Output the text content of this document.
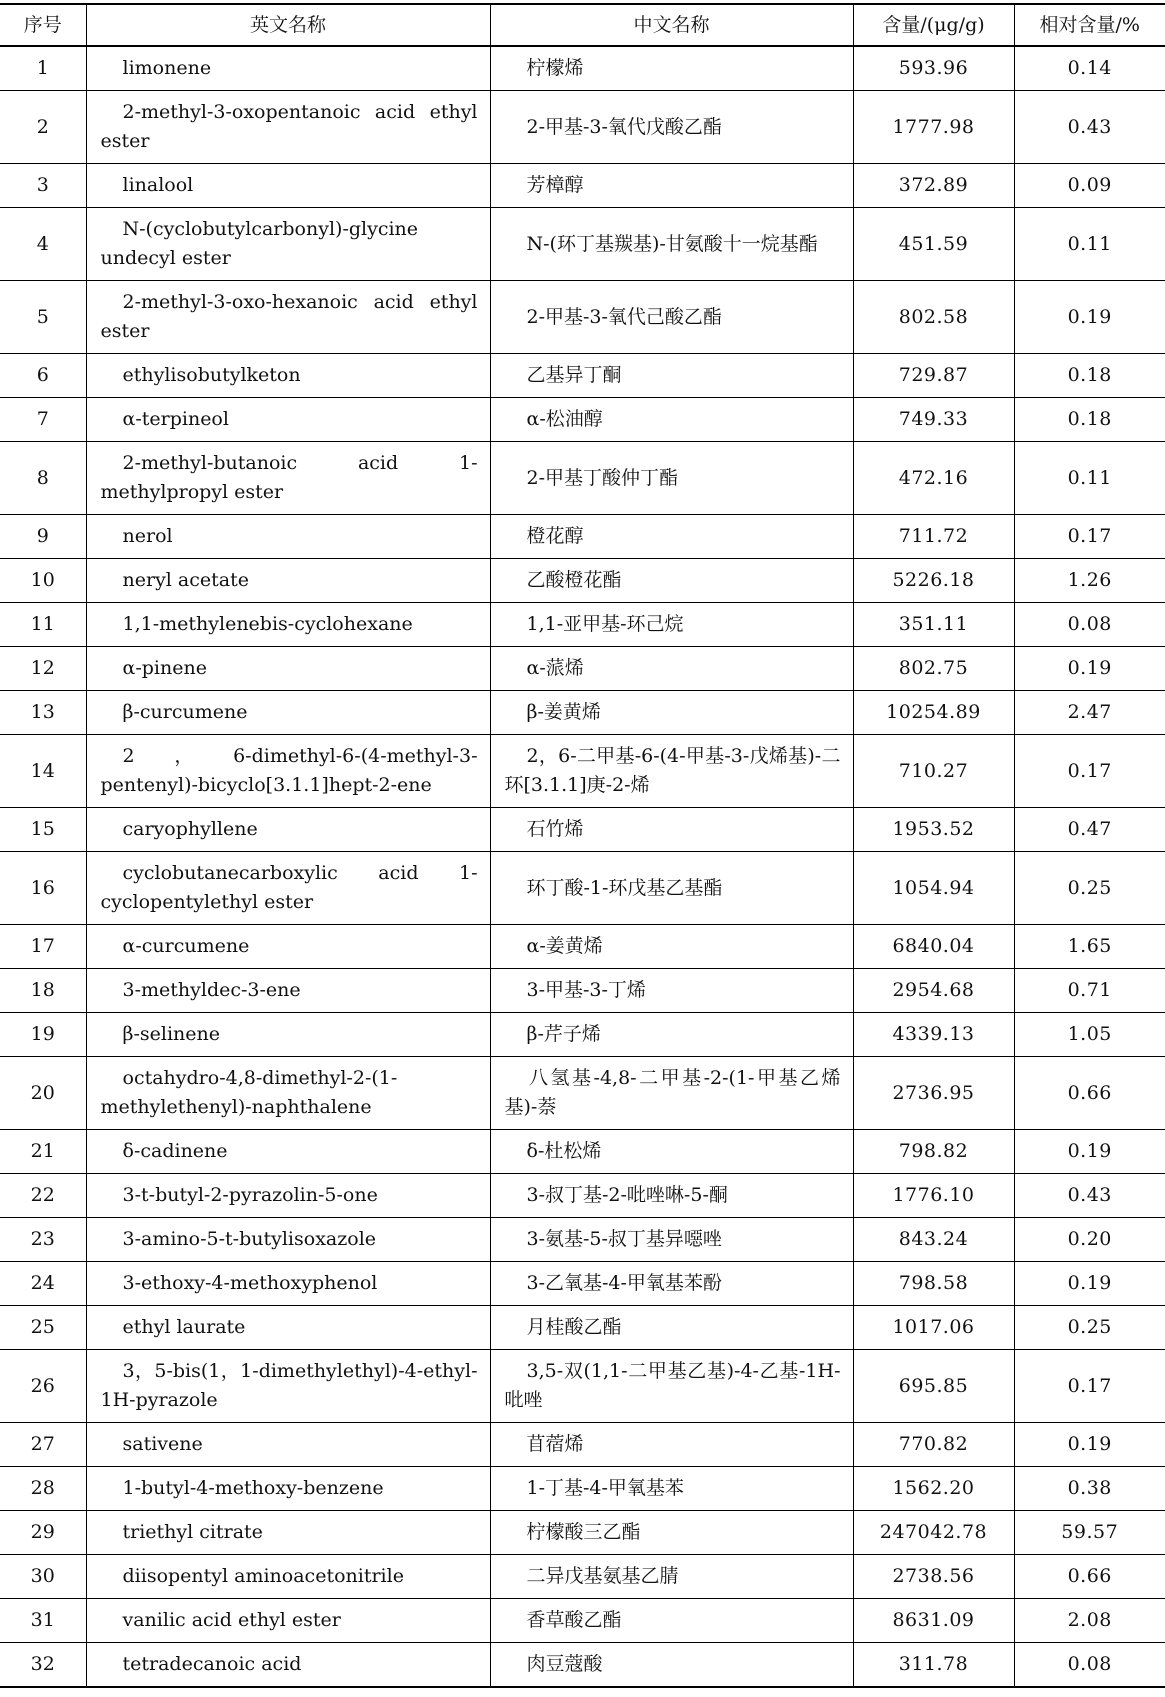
序号	英文名称	中文名称	含量/(μg/g)	相对含量/%
1	limonene	柠檬烯	593.96	0.14
2	2-methyl-3-oxopentanoic acid ethyl ester	2-甲基-3-氧代戊酸乙酯	1777.98	0.43
3	linalool	芳樟醇	372.89	0.09
4	N-(cyclobutylcarbonyl)-glycine undecyl ester	N-(环丁基羰基)-甘氨酸十一烷基酯	451.59	0.11
5	2-methyl-3-oxo-hexanoic acid ethyl ester	2-甲基-3-氧代己酸乙酯	802.58	0.19
6	ethylisobutylketon	乙基异丁酮	729.87	0.18
7	α-terpineol	α-松油醇	749.33	0.18
8	2-methyl-butanoic acid 1-methylpropyl ester	2-甲基丁酸仲丁酯	472.16	0.11
9	nerol	橙花醇	711.72	0.17
10	neryl acetate	乙酸橙花酯	5226.18	1.26
11	1,1-methylenebis-cyclohexane	1,1-亚甲基-环己烷	351.11	0.08
12	α-pinene	α-蒎烯	802.75	0.19
13	β-curcumene	β-姜黄烯	10254.89	2.47
14	2，6-dimethyl-6-(4-methyl-3-pentenyl)-bicyclo[3.1.1]hept-2-ene	2，6-二甲基-6-(4-甲基-3-戊烯基)-二环[3.1.1]庚-2-烯	710.27	0.17
15	caryophyllene	石竹烯	1953.52	0.47
16	cyclobutanecarboxylic acid 1-cyclopentylethyl ester	环丁酸-1-环戊基乙基酯	1054.94	0.25
17	α-curcumene	α-姜黄烯	6840.04	1.65
18	3-methyldec-3-ene	3-甲基-3-丁烯	2954.68	0.71
19	β-selinene	β-芹子烯	4339.13	1.05
20	octahydro-4,8-dimethyl-2-(1-methylethenyl)-naphthalene	八氢基-4,8-二甲基-2-(1-甲基乙烯基)-萘	2736.95	0.66
21	δ-cadinene	δ-杜松烯	798.82	0.19
22	3-t-butyl-2-pyrazolin-5-one	3-叔丁基-2-吡唑啉-5-酮	1776.10	0.43
23	3-amino-5-t-butylisoxazole	3-氨基-5-叔丁基异噁唑	843.24	0.20
24	3-ethoxy-4-methoxyphenol	3-乙氧基-4-甲氧基苯酚	798.58	0.19
25	ethyl laurate	月桂酸乙酯	1017.06	0.25
26	3，5-bis(1，1-dimethylethyl)-4-ethyl-1H-pyrazole	3,5-双(1,1-二甲基乙基)-4-乙基-1H-吡唑	695.85	0.17
27	sativene	苜蓿烯	770.82	0.19
28	1-butyl-4-methoxy-benzene	1-丁基-4-甲氧基苯	1562.20	0.38
29	triethyl citrate	柠檬酸三乙酯	247042.78	59.57
30	diisopentyl aminoacetonitrile	二异戊基氨基乙腈	2738.56	0.66
31	vanilic acid ethyl ester	香草酸乙酯	8631.09	2.08
32	tetradecanoic acid	肉豆蔻酸	311.78	0.08
